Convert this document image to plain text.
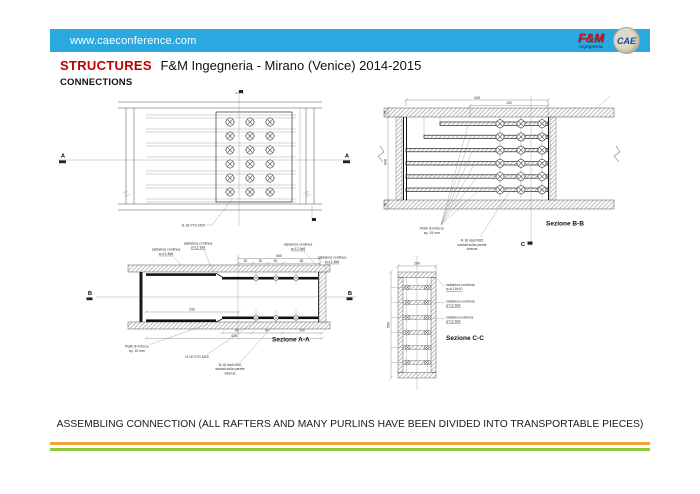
www.caeconference.com	F&M
ingegneria
CAE
STRUCTURES F&M Ingegneria - Mirano (Venice) 2014-2015
CONNECTIONS
A	A
N.18 VTG M20
408
150
640
45
45
Piatti di rinforzo
sp. 15 mm
N.18 dadi M20
saldati sulla parete
interna
Sezione B-B
C
360
50	50	50	85
230
80	80	100
435
saldatura continua
a=12 8x8
saldatura continua
a=12 8x8
saldatura continua
a=12 8x8
saldatura continua
a=12 8x8
B	B
Piatti di rinforzo
sp. 15 mm
N.18 VTG M20
N.18 dadi M20
saldati sulla parete
interna
Sezione A-A
200
500
saldatura continua
a=6 10x10
saldatura continua
a=12 8x8
saldatura esterna
a=12 8x8
Sezione C-C
ASSEMBLING CONNECTION (ALL RAFTERS AND MANY PURLINS HAVE BEEN DIVIDED INTO TRANSPORTABLE PIECES)
